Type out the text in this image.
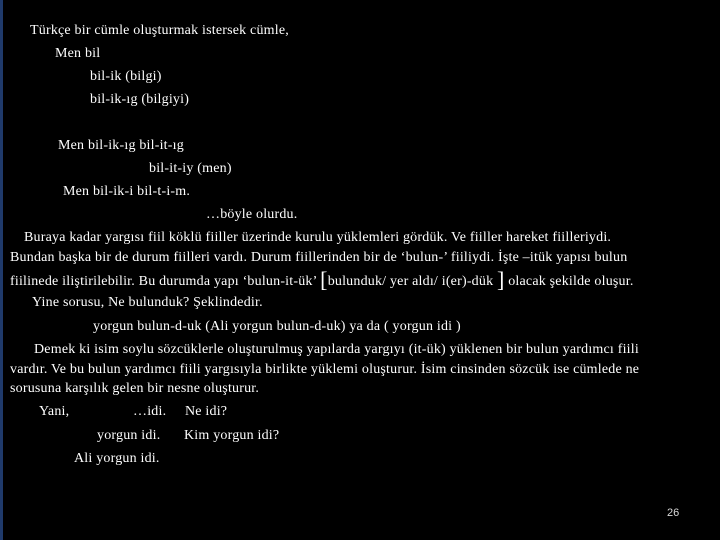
Türkçe bir cümle oluşturmak istersek cümle,
Men bil
bil-ik (bilgi)
bil-ik-ıg (bilgiyi)
Men bil-ik-ıg bil-it-ıg
bil-it-iy (men)
Men bil-ik-i bil-t-i-m.
…böyle olurdu.
Buraya kadar yargısı fiil köklü fiiller üzerinde kurulu yüklemleri gördük. Ve fiiller hareket fiilleriydi.
Bundan başka bir de durum fiilleri vardı. Durum fiillerinden bir de ‘bulun-’ fiiliydi. İşte –itük yapısı bulun
fiilinede iliştirilebilir. Bu durumda yapı ‘bulun-it-ük’ [bulunduk/ yer aldı/ i(er)-dük ] olacak şekilde oluşur.
Yine sorusu, Ne bulunduk? Şeklindedir.
yorgun bulun-d-uk (Ali yorgun bulun-d-uk) ya da ( yorgun idi )
Demek ki isim soylu sözcüklerle oluşturulmuş yapılarda yargıyı (it-ük) yüklenen bir bulun yardımcı fiili
vardır. Ve bu bulun yardımcı fiili yargısıyla birlikte yüklemi oluşturur. İsim cinsinden sözcük ise cümlede ne
sorusuna karşılık gelen bir nesne oluşturur.
Yani,	…idi. Ne idi?
yorgun idi. Kim yorgun idi?
Ali yorgun idi.
26
